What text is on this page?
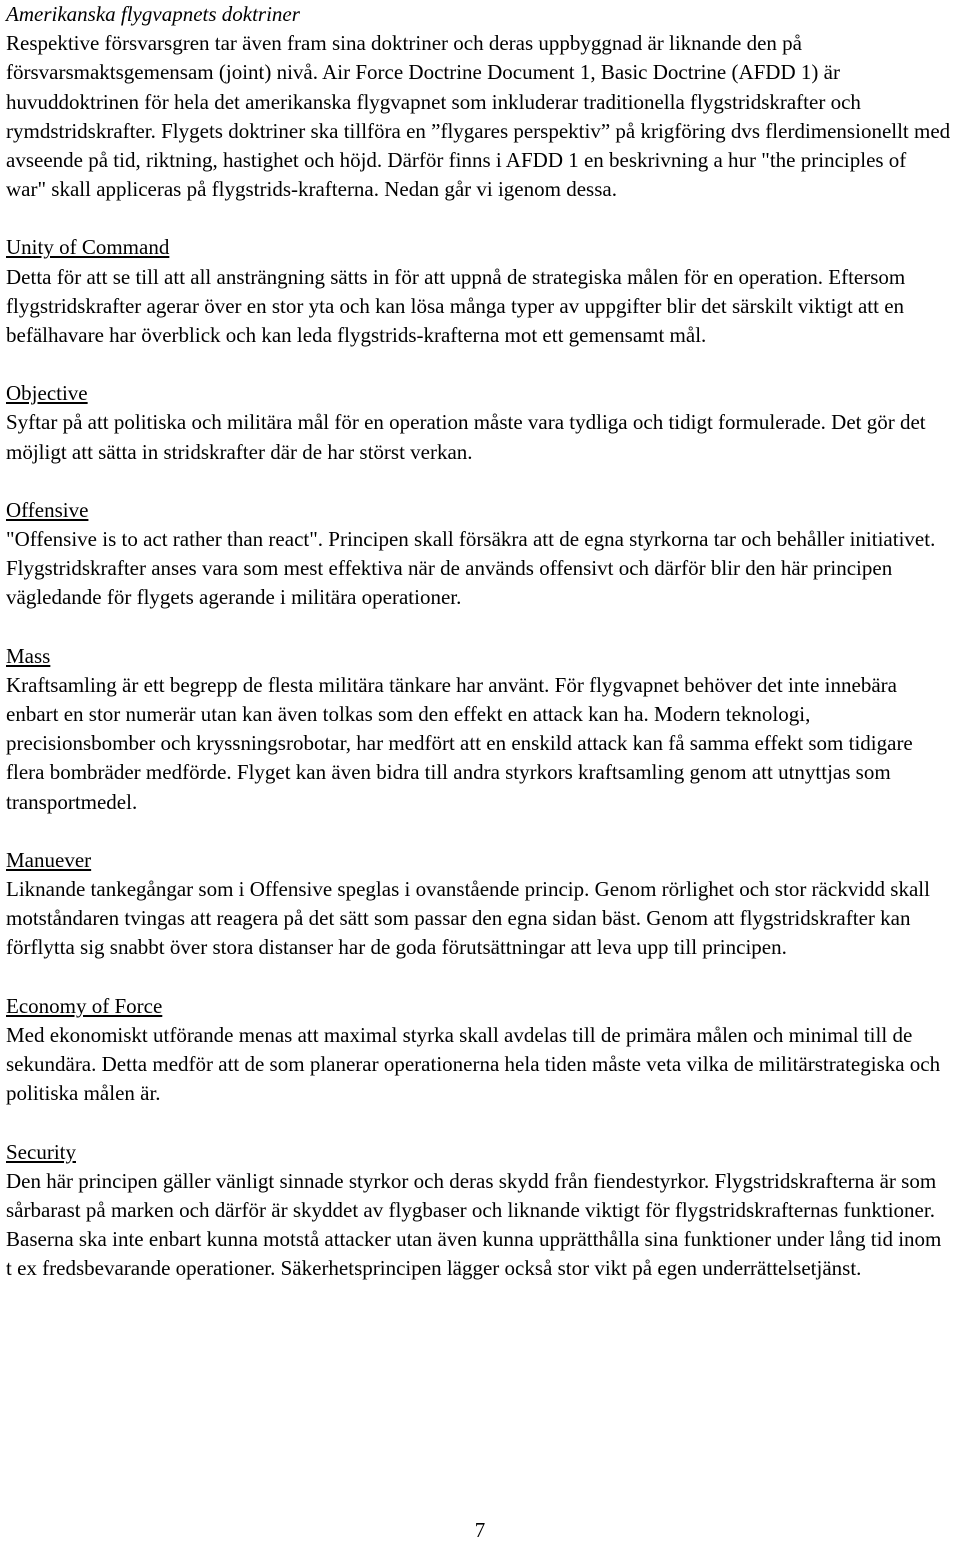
Amerikanska flygvapnets doktriner

Respektive försvarsgren tar även fram sina doktriner och deras uppbyggnad är liknande den på försvarsmaktsgemensam (joint) nivå. Air Force Doctrine Document 1, Basic Doctrine (AFDD 1) är huvuddoktrinen för hela det amerikanska flygvapnet som inkluderar traditionella flygstridskrafter och rymdstridskrafter. Flygets doktriner ska tillföra en ”flygares perspektiv” på krigföring dvs flerdimensionellt med avseende på tid, riktning, hastighet och höjd. Därför finns i AFDD 1 en beskrivning a hur "the principles of war" skall appliceras på flygstrids-krafterna. Nedan går vi igenom dessa.

Unity of Command

Detta för att se till att all ansträngning sätts in för att uppnå de strategiska målen för en operation. Eftersom flygstridskrafter agerar över en stor yta och kan lösa många typer av uppgifter blir det särskilt viktigt att en befälhavare har överblick och kan leda flygstrids-krafterna mot ett gemensamt mål.

Objective

Syftar på att politiska och militära mål för en operation måste vara tydliga och tidigt formulerade. Det gör det möjligt att sätta in stridskrafter där de har störst verkan.

Offensive

"Offensive is to act rather than react". Principen skall försäkra att de egna styrkorna tar och behåller initiativet. Flygstridskrafter anses vara som mest effektiva när de används offensivt och därför blir den här principen vägledande för flygets agerande i militära operationer.

Mass

Kraftsamling är ett begrepp de flesta militära tänkare har använt. För flygvapnet behöver det inte innebära enbart en stor numerär utan kan även tolkas som den effekt en attack kan ha. Modern teknologi, precisionsbomber och kryssningsrobotar, har medfört att en enskild attack kan få samma effekt som tidigare flera bombräder medförde. Flyget kan även bidra till andra styrkors kraftsamling genom att utnyttjas som transportmedel.

Manuever

Liknande tankegångar som i Offensive speglas i ovanstående princip. Genom rörlighet och stor räckvidd skall motståndaren tvingas att reagera på det sätt som passar den egna sidan bäst. Genom att flygstridskrafter kan förflytta sig snabbt över stora distanser har de goda förutsättningar att leva upp till principen.

Economy of Force

Med ekonomiskt utförande menas att maximal styrka skall avdelas till de primära målen och minimal till de sekundära. Detta medför att de som planerar operationerna hela tiden måste veta vilka de militärstrategiska och politiska målen är.

Security

Den här principen gäller vänligt sinnade styrkor och deras skydd från fiendestyrkor. Flygstridskrafterna är som sårbarast på marken och därför är skyddet av flygbaser och liknande viktigt för flygstridskrafternas funktioner. Baserna ska inte enbart kunna motstå attacker utan även kunna upprätthålla sina funktioner under lång tid inom t ex fredsbevarande operationer. Säkerhetsprincipen lägger också stor vikt på egen underrättelsetjänst.

7
